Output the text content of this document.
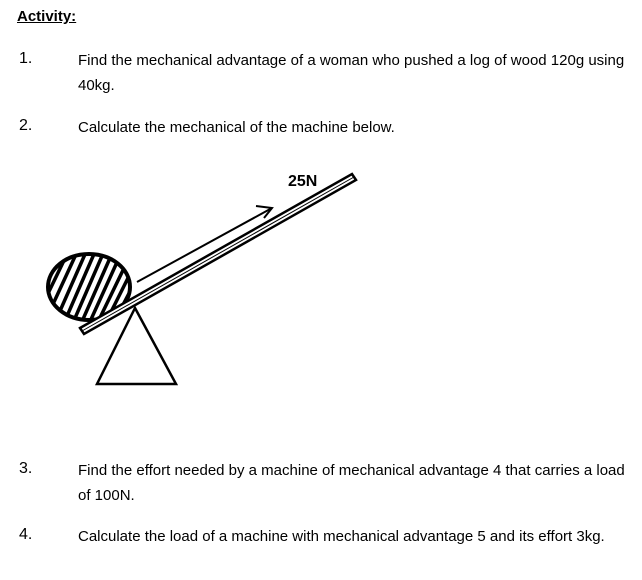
Activity:
1.	Find the mechanical advantage of a woman who pushed a log of wood 120g using 40kg.
2.	Calculate the mechanical of the machine below.
25N
3.	Find the effort needed by a machine of mechanical advantage 4 that carries a load of 100N.
4.	Calculate the load of a machine with mechanical advantage 5 and its effort 3kg.
